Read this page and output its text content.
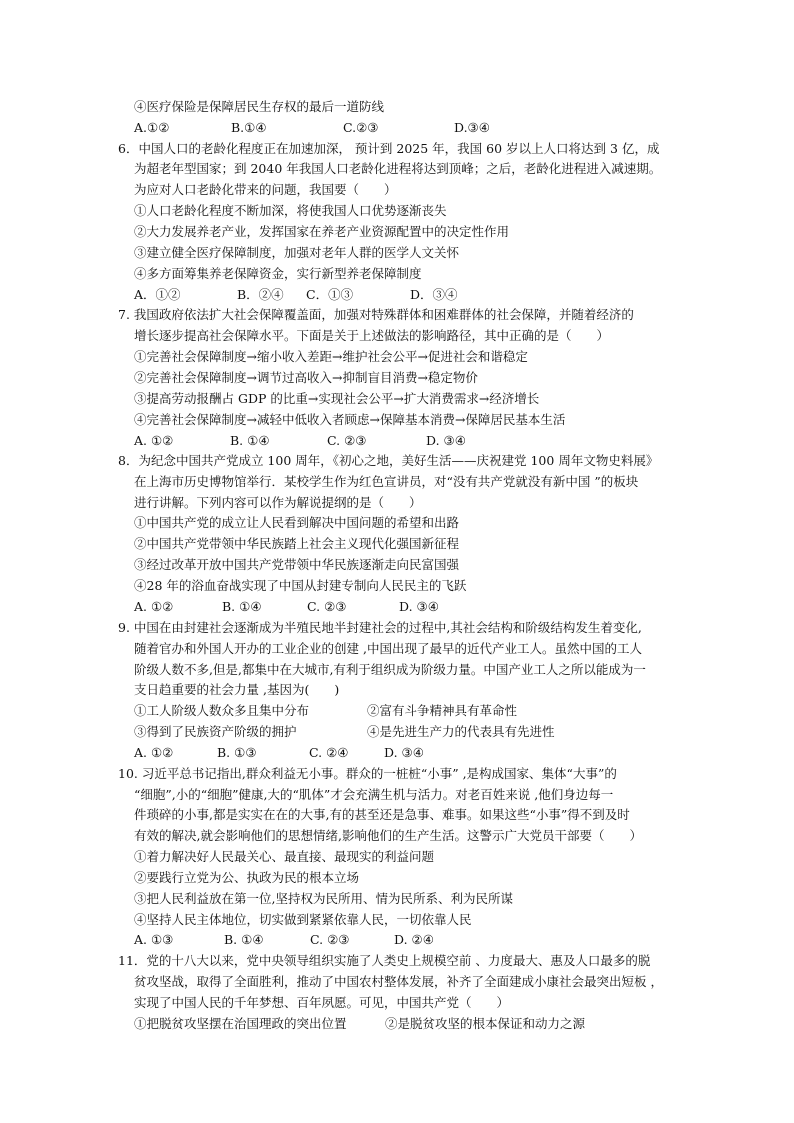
④医疗保险是保障居民生存权的最后一道防线
A.①②	B.①④	C.②③	D.③④
6．中国人口的老龄化程度正在加速加深， 预计到 2025 年，我国 60 岁以上人口将达到 3 亿，成
为超老年型国家；到 2040 年我国人口老龄化进程将达到顶峰；之后，老龄化进程进入减速期。
为应对人口老龄化带来的问题，我国要（　　）
①人口老龄化程度不断加深，将使我国人口优势逐渐丧失
②大力发展养老产业，发挥国家在养老产业资源配置中的决定性作用
③建立健全医疗保障制度，加强对老年人群的医学人文关怀
④多方面筹集养老保障资金，实行新型养老保障制度
A．①②	B．②④ C．①③	D．③④
7. 我国政府依法扩大社会保障覆盖面，加强对特殊群体和困难群体的社会保障，并随着经济的
增长逐步提高社会保障水平。下面是关于上述做法的影响路径，其中正确的是（　　）
①完善社会保障制度→缩小收入差距→维护社会公平→促进社会和谐稳定
②完善社会保障制度→调节过高收入→抑制盲目消费→稳定物价
③提高劳动报酬占 GDP 的比重→实现社会公平→扩大消费需求→经济增长
④完善社会保障制度→减轻中低收入者顾虑→保障基本消费→保障居民基本生活
A. ①②	B. ①④	C. ②③	D. ③④
8．为纪念中国共产党成立 100 周年，《初心之地，美好生活——庆祝建党 100 周年文物史料展》
在上海市历史博物馆举行．某校学生作为红色宣讲员，对“没有共产党就没有新中国 ”的板块
进行讲解。下列内容可以作为解说提纲的是（　　）
①中国共产党的成立让人民看到解决中国问题的希望和出路
②中国共产党带领中华民族踏上社会主义现代化强国新征程
③经过改革开放中国共产党带领中华民族逐渐走向民富国强
④28 年的浴血奋战实现了中国从封建专制向人民民主的飞跃
A. ①②	B. ①④	C. ②③	D. ③④
9. 中国在由封建社会逐渐成为半殖民地半封建社会的过程中,其社会结构和阶级结构发生着变化,
随着官办和外国人开办的工业企业的创建 ,中国出现了最早的近代产业工人。虽然中国的工人
阶级人数不多,但是,都集中在大城市,有利于组织成为阶级力量。中国产业工人之所以能成为一
支日趋重要的社会力量 ,基因为(　　)
①工人阶级人数众多且集中分布	②富有斗争精神具有革命性
③得到了民族资产阶级的拥护	④是先进生产力的代表具有先进性
A. ①②	B. ①③	C. ②④	D. ③④
10. 习近平总书记指出,群众利益无小事。群众的一桩桩“小事” ,是构成国家、集体“大事”的
“细胞”,小的“细胞”健康,大的“肌体”才会充满生机与活力。对老百姓来说 ,他们身边每一
件琐碎的小事,都是实实在在的大事,有的甚至还是急事、难事。如果这些“小事”得不到及时
有效的解决,就会影响他们的思想情绪,影响他们的生产生活。这警示广大党员干部要（　　）
①着力解决好人民最关心、最直接、最现实的利益问题
②要践行立党为公、执政为民的根本立场
③把人民利益放在第一位,坚持权为民所用、情为民所系、利为民所谋
④坚持人民主体地位，切实做到紧紧依靠人民，一切依靠人民
A. ①③	B. ①④	C. ②③	D. ②④
11．党的十八大以来，党中央领导组织实施了人类史上规模空前 、力度最大、惠及人口最多的脱
贫攻坚战，取得了全面胜利，推动了中国农村整体发展，补齐了全面建成小康社会最突出短板 ，
实现了中国人民的千年梦想、百年夙愿。可见，中国共产党（　　）
①把脱贫攻坚摆在治国理政的突出位置	②是脱贫攻坚的根本保证和动力之源
